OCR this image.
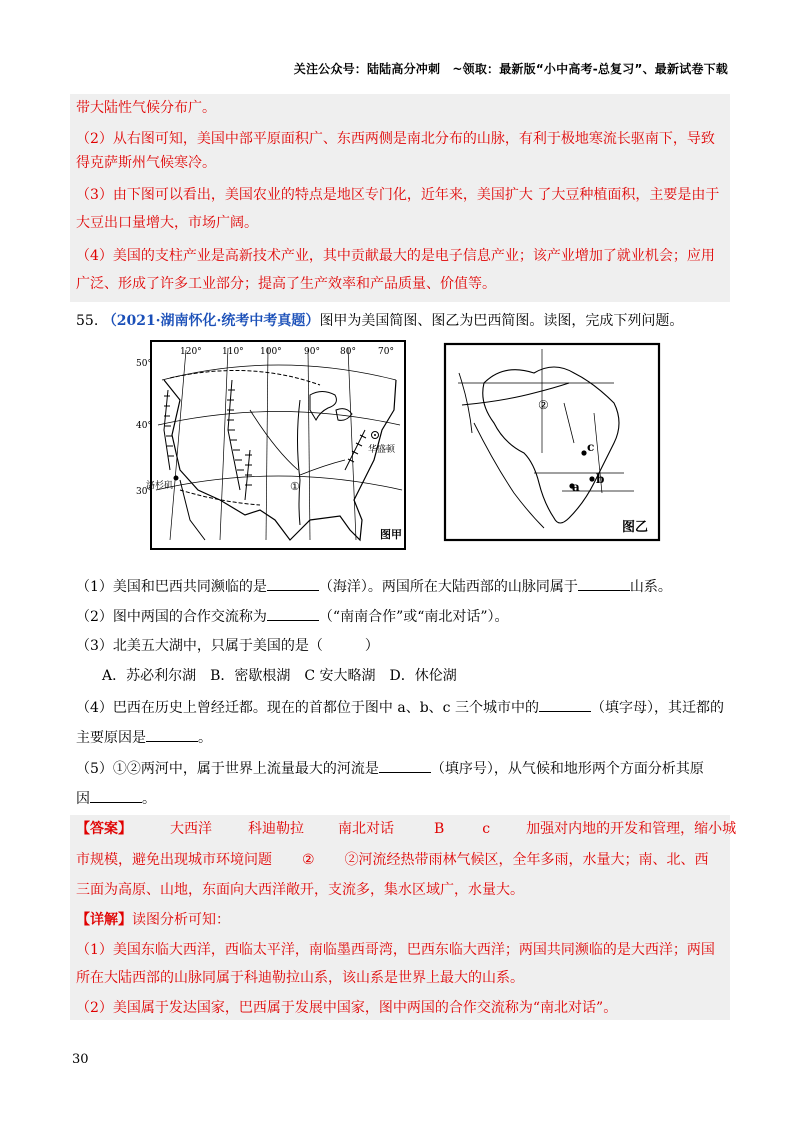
关注公众号：陆陆高分冲刺　~领取：最新版“小中高考-总复习”、最新试卷下载
带大陆性气候分布广。
（2）从右图可知，美国中部平原面积广、东西两侧是南北分布的山脉，有利于极地寒流长驱南下，导致
得克萨斯州气候寒冷。
（3）由下图可以看出，美国农业的特点是地区专门化，近年来，美国扩大 了大豆种植面积，主要是由于
大豆出口量增大，市场广阔。
（4）美国的支柱产业是高新技术产业，其中贡献最大的是电子信息产业；该产业增加了就业机会；应用
广泛、形成了许多工业部分；提高了生产效率和产品质量、价值等。
55. （2021·湖南怀化·统考中考真题）图甲为美国简图、图乙为巴西简图。读图，完成下列问题。
50°
40°
30°
120° 110° 100° 90° 80° 70°
洛杉矶
华盛顿
①
图甲
②
a
b
c
图乙
（1）美国和巴西共同濒临的是	（海洋）。两国所在大陆西部的山脉同属于	山系。
（2）图中两国的合作交流称为	（“南南合作”或“南北对话”）。
（3）北美五大湖中，只属于美国的是（　　　）
A．苏必利尔湖　B．密歇根湖　C 安大略湖　D．休伦湖
（4）巴西在历史上曾经迁都。现在的首都位于图中 a、b、c 三个城市中的	（填字母），其迁都的
主要原因是	。
（5）①②两河中，属于世界上流量最大的河流是	（填序号），从气候和地形两个方面分析其原
因	。
【答案】	大西洋	科迪勒拉 南北对话	B	c	加强对内地的开发和管理，缩小城
市规模，避免出现城市环境问题 ② ②河流经热带雨林气候区，全年多雨，水量大；南、北、西
三面为高原、山地，东面向大西洋敞开，支流多，集水区域广，水量大。
【详解】读图分析可知：
（1）美国东临大西洋，西临太平洋，南临墨西哥湾，巴西东临大西洋；两国共同濒临的是大西洋；两国
所在大陆西部的山脉同属于科迪勒拉山系，该山系是世界上最大的山系。
（2）美国属于发达国家，巴西属于发展中国家，图中两国的合作交流称为“南北对话”。
30
